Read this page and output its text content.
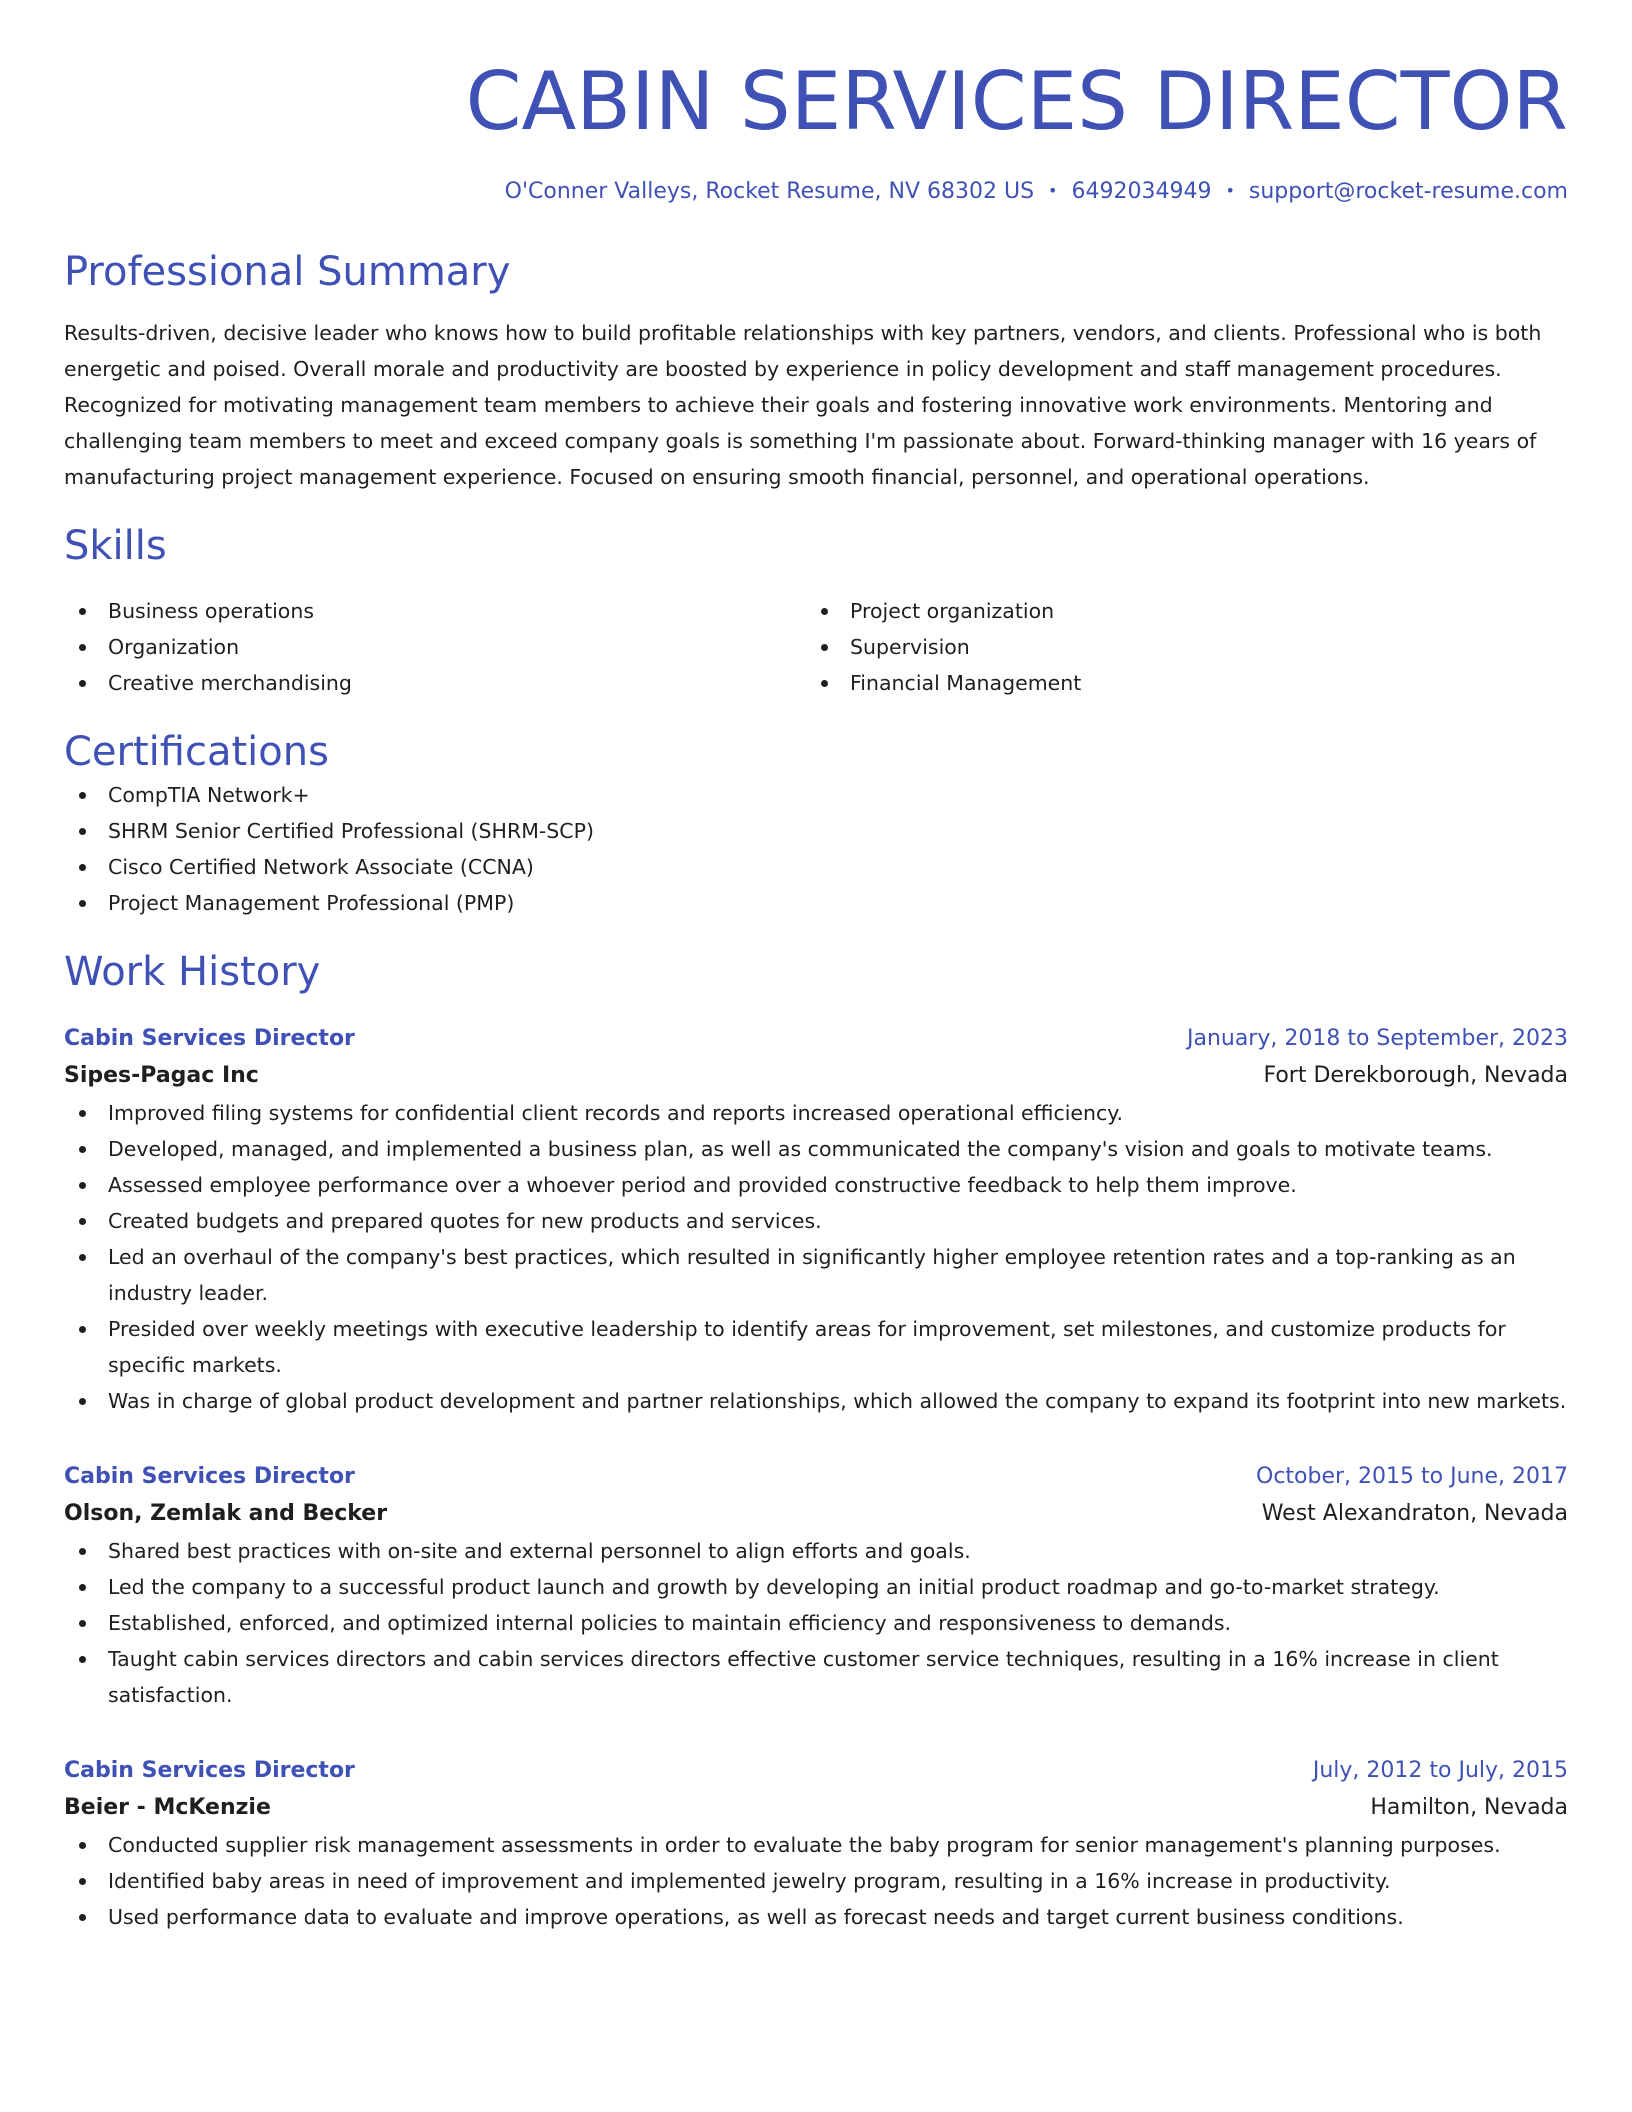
CABIN SERVICES DIRECTOR
O'Conner Valleys, Rocket Resume, NV 68302 US • 6492034949 • support@rocket-resume.com
Professional Summary
Results-driven, decisive leader who knows how to build profitable relationships with key partners, vendors, and clients. Professional who is both energetic and poised. Overall morale and productivity are boosted by experience in policy development and staff management procedures. Recognized for motivating management team members to achieve their goals and fostering innovative work environments. Mentoring and challenging team members to meet and exceed company goals is something I'm passionate about. Forward-thinking manager with 16 years of manufacturing project management experience. Focused on ensuring smooth financial, personnel, and operational operations.
Skills
Business operations
Organization
Creative merchandising
Project organization
Supervision
Financial Management
Certifications
CompTIA Network+
SHRM Senior Certified Professional (SHRM-SCP)
Cisco Certified Network Associate (CCNA)
Project Management Professional (PMP)
Work History
Cabin Services Director	January, 2018 to September, 2023
Sipes-Pagac Inc	Fort Derekborough, Nevada
Improved filing systems for confidential client records and reports increased operational efficiency.
Developed, managed, and implemented a business plan, as well as communicated the company's vision and goals to motivate teams.
Assessed employee performance over a whoever period and provided constructive feedback to help them improve.
Created budgets and prepared quotes for new products and services.
Led an overhaul of the company's best practices, which resulted in significantly higher employee retention rates and a top-ranking as an industry leader.
Presided over weekly meetings with executive leadership to identify areas for improvement, set milestones, and customize products for specific markets.
Was in charge of global product development and partner relationships, which allowed the company to expand its footprint into new markets.
Cabin Services Director	October, 2015 to June, 2017
Olson, Zemlak and Becker	West Alexandraton, Nevada
Shared best practices with on-site and external personnel to align efforts and goals.
Led the company to a successful product launch and growth by developing an initial product roadmap and go-to-market strategy.
Established, enforced, and optimized internal policies to maintain efficiency and responsiveness to demands.
Taught cabin services directors and cabin services directors effective customer service techniques, resulting in a 16% increase in client satisfaction.
Cabin Services Director	July, 2012 to July, 2015
Beier - McKenzie	Hamilton, Nevada
Conducted supplier risk management assessments in order to evaluate the baby program for senior management's planning purposes.
Identified baby areas in need of improvement and implemented jewelry program, resulting in a 16% increase in productivity.
Used performance data to evaluate and improve operations, as well as forecast needs and target current business conditions.
